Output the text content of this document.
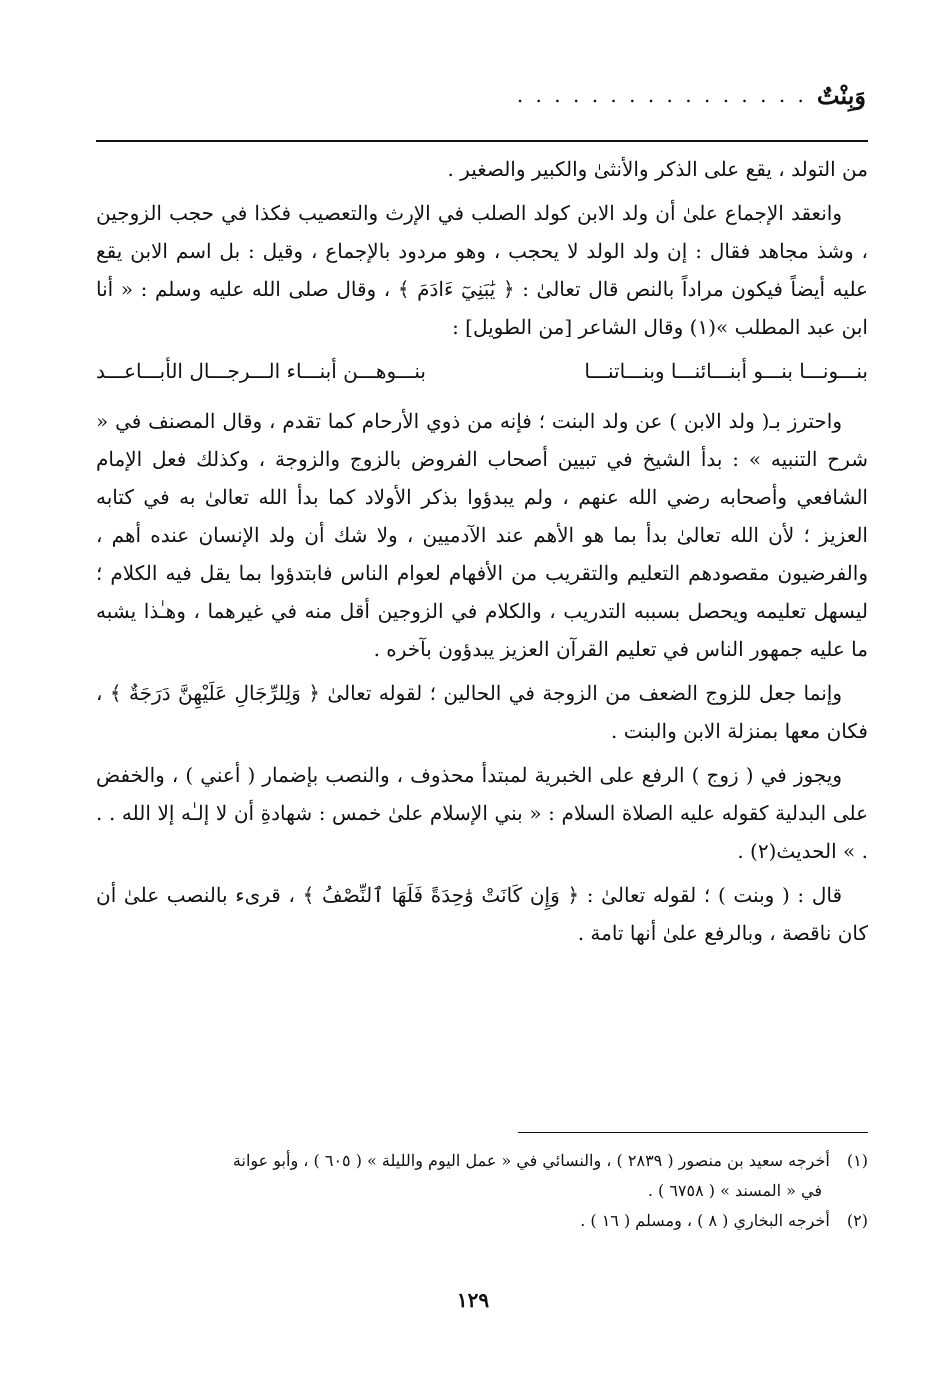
وَبِنْتٌ
. . . . . . . . . . . . . . . .

من التولد ، يقع على الذكر والأنثىٰ والكبير والصغير .

وانعقد الإجماع علىٰ أن ولد الابن كولد الصلب في الإرث والتعصيب فكذا في حجب الزوجين ، وشذ مجاهد فقال : إن ولد الولد لا يحجب ، وهو مردود بالإجماع ، وقيل : بل اسم الابن يقع عليه أيضاً فيكون مراداً بالنص قال تعالىٰ : ﴿ يَٰبَنِيٓ ءَادَمَ ﴾ ، وقال صلى الله عليه وسلم : « أنا ابن عبد المطلب »(١) وقال الشاعر [من الطويل] :

بنـــونـــا بنـــو أبنـــائنـــا وبنـــاتنـــا
بنـــوهـــن أبنـــاء الـــرجـــال الأبـــاعـــد

واحترز بـ( ولد الابن ) عن ولد البنت ؛ فإنه من ذوي الأرحام كما تقدم ، وقال المصنف في « شرح التنبيه » : بدأ الشيخ في تبيين أصحاب الفروض بالزوج والزوجة ، وكذلك فعل الإمام الشافعي وأصحابه رضي الله عنهم ، ولم يبدؤوا بذكر الأولاد كما بدأ الله تعالىٰ به في كتابه العزيز ؛ لأن الله تعالىٰ بدأ بما هو الأهم عند الآدميين ، ولا شك أن ولد الإنسان عنده أهم ، والفرضيون مقصودهم التعليم والتقريب من الأفهام لعوام الناس فابتدؤوا بما يقل فيه الكلام ؛ ليسهل تعليمه ويحصل بسببه التدريب ، والكلام في الزوجين أقل منه في غيرهما ، وهـٰذا يشبه ما عليه جمهور الناس في تعليم القرآن العزيز يبدؤون بآخره .

وإنما جعل للزوج الضعف من الزوجة في الحالين ؛ لقوله تعالىٰ ﴿ وَلِلرِّجَالِ عَلَيْهِنَّ دَرَجَةٌ ﴾ ، فكان معها بمنزلة الابن والبنت .

ويجوز في ( زوج ) الرفع على الخبرية لمبتدأ محذوف ، والنصب بإضمار ( أعني ) ، والخفض على البدلية كقوله عليه الصلاة السلام : « بني الإسلام علىٰ خمس : شهادةِ أن لا إلـٰه إلا الله . . . » الحديث(٢) .

قال : ( وبنت ) ؛ لقوله تعالىٰ : ﴿ وَإِن كَانَتْ وَٰحِدَةً فَلَهَا ٱلنِّصْفُ ﴾ ، قرىء بالنصب علىٰ أن كان ناقصة ، وبالرفع علىٰ أنها تامة .

(١) أخرجه سعيد بن منصور ( ٢٨٣٩ ) ، والنسائي في « عمل اليوم والليلة » ( ٦٠٥ ) ، وأبو عوانة
في « المسند » ( ٦٧٥٨ ) .
(٢) أخرجه البخاري ( ٨ ) ، ومسلم ( ١٦ ) .
١٢٩
